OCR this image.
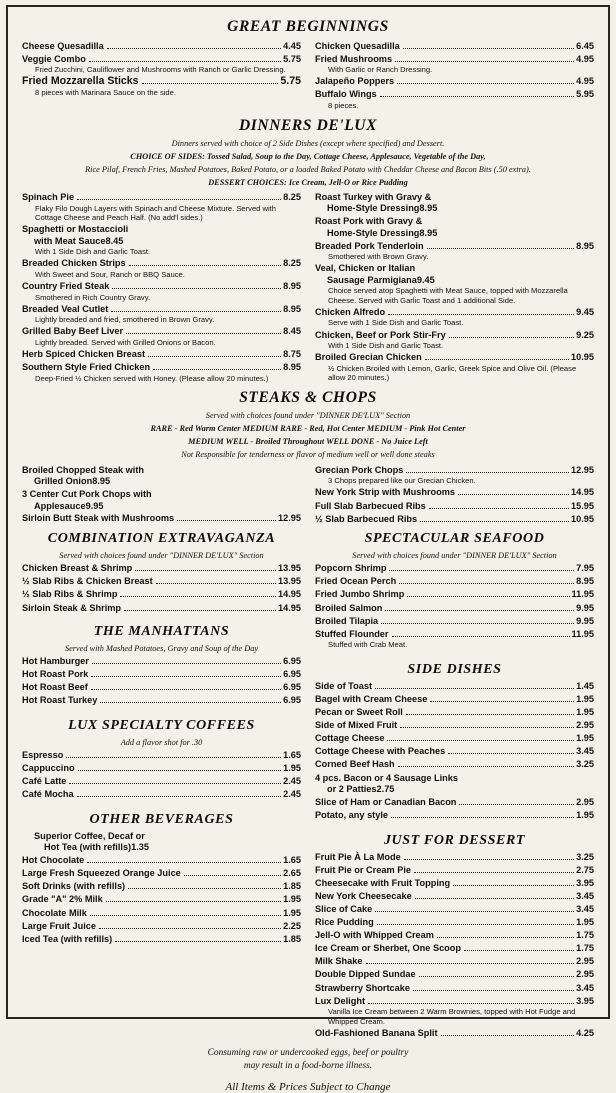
GREAT BEGINNINGS
Cheese Quesadilla	4.45
Veggie Combo	5.75
Fried Zucchini, Cauliflower and Mushrooms with Ranch or Garlic Dressing.
Fried Mozzarella Sticks	5.75
8 pieces with Marinara Sauce on the side.
Chicken Quesadilla	6.45
Fried Mushrooms	4.95
With Garlic or Ranch Dressing.
Jalapeño Poppers	4.95
Buffalo Wings	5.95
8 pieces.
DINNERS DE'LUX
Dinners served with choice of 2 Side Dishes (except where specified) and Dessert.
CHOICE OF SIDES: Tossed Salad, Soup to the Day, Cottage Cheese, Applesauce, Vegetable of the Day,
Rice Pilaf, French Fries, Mashed Potatoes, Baked Potato, or a loaded Baked Potato with Cheddar Cheese and Bacon Bits (.50 extra).
DESSERT CHOICES: Ice Cream, Jell-O or Rice Pudding
Spinach Pie	8.25
Flaky Filo Dough Layers with Spinach and Cheese Mixture. Served with Cottage Cheese and Peach Half. (No add'l sides.)
Spaghetti or Mostaccioli
with Meat Sauce 8.45
With 1 Side Dish and Garlic Toast.
Breaded Chicken Strips	8.25
With Sweet and Sour, Ranch or BBQ Sauce.
Country Fried Steak	8.95
Smothered in Rich Country Gravy.
Breaded Veal Cutlet	8.95
Lightly breaded and fried, smothered in Brown Gravy.
Grilled Baby Beef Liver	8.45
Lightly breaded. Served with Grilled Onions or Bacon.
Herb Spiced Chicken Breast	8.75
Southern Style Fried Chicken	8.95
Deep-Fried ½ Chicken served with Honey. (Please allow 20 minutes.)
Roast Turkey with Gravy &
Home-Style Dressing 8.95
Roast Pork with Gravy &
Home-Style Dressing 8.95
Breaded Pork Tenderloin	8.95
Smothered with Brown Gravy.
Veal, Chicken or Italian
Sausage Parmigiana 9.45
Choice served atop Spaghetti with Meat Sauce, topped with Mozzarella Cheese. Served with Garlic Toast and 1 additional Side.
Chicken Alfredo	9.45
Serve with 1 Side Dish and Garlic Toast.
Chicken, Beef or Pork Stir-Fry	9.25
With 1 Side Dish and Garlic Toast.
Broiled Grecian Chicken	10.95
½ Chicken Broiled with Lemon, Garlic, Greek Spice and Olive Oil. (Please allow 20 minutes.)
STEAKS & CHOPS
Served with choices found under "DINNER DE'LUX" Section
RARE - Red Warm Center MEDIUM RARE - Red, Hot Center MEDIUM - Pink Hot Center
MEDIUM WELL - Broiled Throughout WELL DONE - No Juice Left
Not Responsible for tenderness or flavor of medium well or well done steaks
Broiled Chopped Steak with
Grilled Onion 8.95
3 Center Cut Pork Chops with
Applesauce 9.95
Sirloin Butt Steak with Mushrooms	12.95
Grecian Pork Chops	12.95
3 Chops prepared like our Grecian Chicken.
New York Strip with Mushrooms	14.95
Full Slab Barbecued Ribs	15.95
½ Slab Barbecued Ribs	10.95
COMBINATION EXTRAVAGANZA
Served with choices found under "DINNER DE'LUX" Section
Chicken Breast & Shrimp	13.95
½ Slab Ribs & Chicken Breast	13.95
½ Slab Ribs & Shrimp	14.95
Sirloin Steak & Shrimp	14.95
THE MANHATTANS
Served with Mashed Potatoes, Gravy and Soup of the Day
Hot Hamburger	6.95
Hot Roast Pork	6.95
Hot Roast Beef	6.95
Hot Roast Turkey	6.95
LUX SPECIALTY COFFEES
Add a flavor shot for .30
Espresso	1.65
Cappuccino	1.95
Café Latte	2.45
Café Mocha	2.45
OTHER BEVERAGES
Superior Coffee, Decaf or
Hot Tea (with refills) 1.35
Hot Chocolate	1.65
Large Fresh Squeezed Orange Juice	2.65
Soft Drinks (with refills)	1.85
Grade "A" 2% Milk	1.95
Chocolate Milk	1.95
Large Fruit Juice	2.25
Iced Tea (with refills)	1.85
SPECTACULAR SEAFOOD
Served with choices found under "DINNER DE'LUX" Section
Popcorn Shrimp	7.95
Fried Ocean Perch	8.95
Fried Jumbo Shrimp	11.95
Broiled Salmon	9.95
Broiled Tilapia	9.95
Stuffed Flounder	11.95
Stuffed with Crab Meat.
SIDE DISHES
Side of Toast	1.45
Bagel with Cream Cheese	1.95
Pecan or Sweet Roll	1.95
Side of Mixed Fruit	2.95
Cottage Cheese	1.95
Cottage Cheese with Peaches	3.45
Corned Beef Hash	3.25
4 pcs. Bacon or 4 Sausage Links
or 2 Patties 2.75
Slice of Ham or Canadian Bacon	2.95
Potato, any style	1.95
JUST FOR DESSERT
Fruit Pie À La Mode	3.25
Fruit Pie or Cream Pie	2.75
Cheesecake with Fruit Topping	3.95
New York Cheesecake	3.45
Slice of Cake	3.45
Rice Pudding	1.95
Jell-O with Whipped Cream	1.75
Ice Cream or Sherbet, One Scoop	1.75
Milk Shake	2.95
Double Dipped Sundae	2.95
Strawberry Shortcake	3.45
Lux Delight	3.95
Vanilla Ice Cream between 2 Warm Brownies, topped with Hot Fudge and Whipped Cream.
Old-Fashioned Banana Split	4.25
Consuming raw or undercooked eggs, beef or poultry
may result in a food-borne illness.
All Items & Prices Subject to Change
